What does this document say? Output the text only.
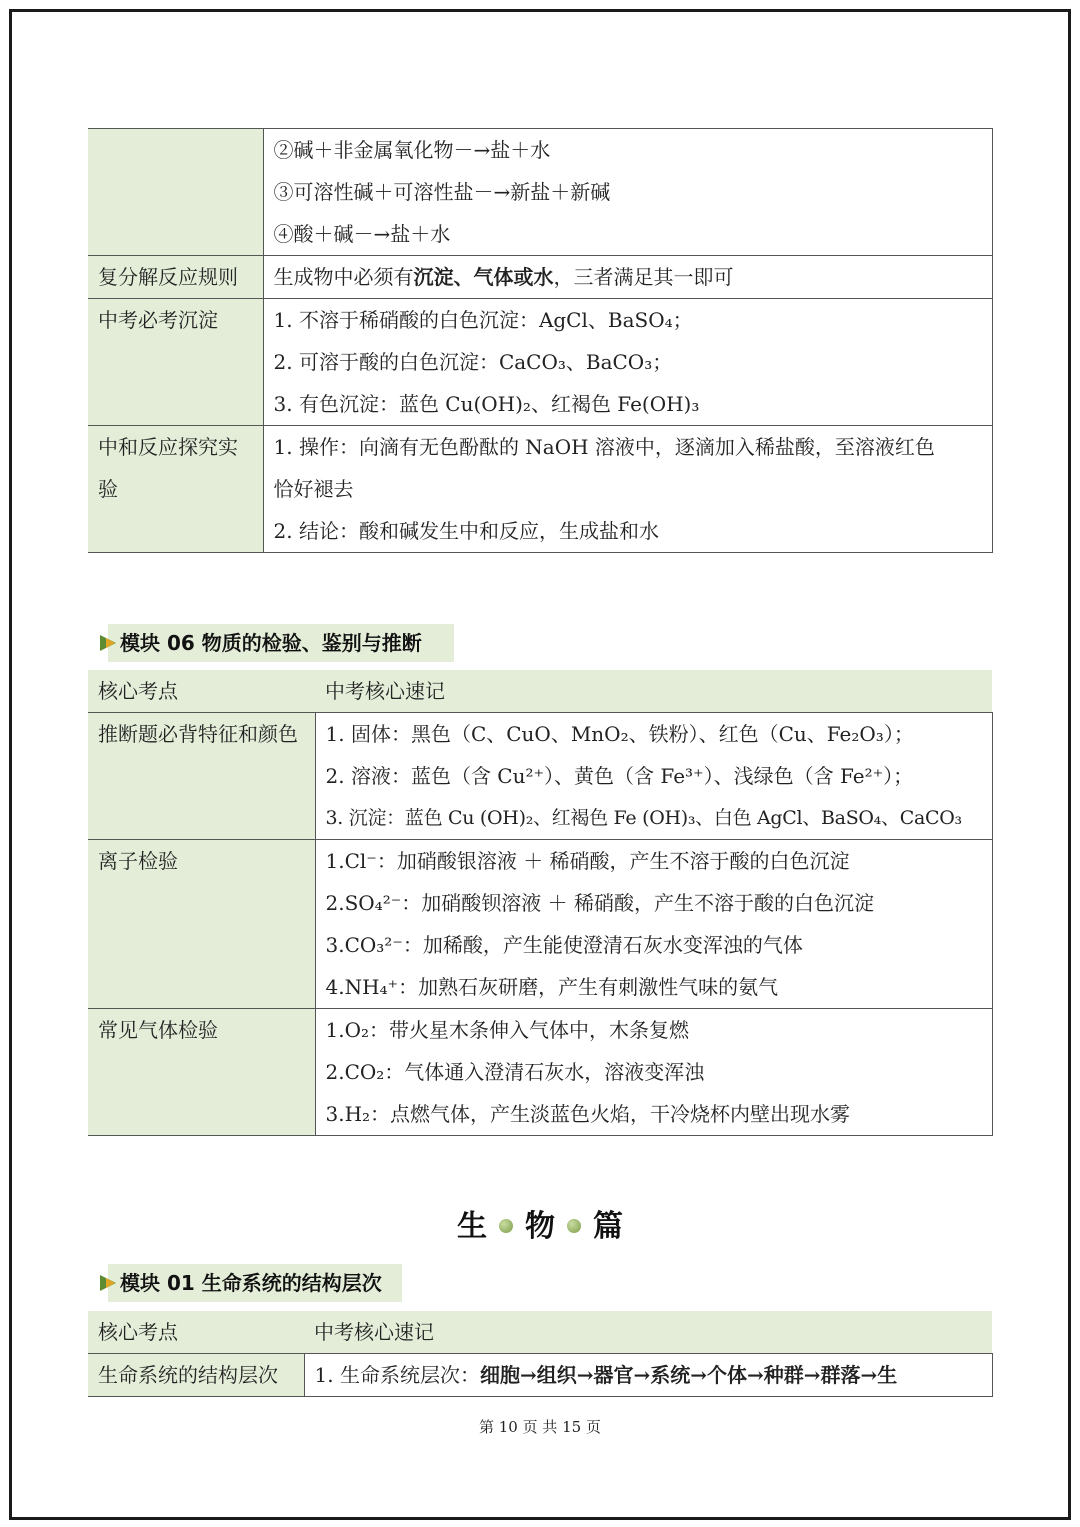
	②碱＋非金属氧化物－→盐＋水
③可溶性碱＋可溶性盐－→新盐＋新碱
④酸＋碱－→盐＋水

复分解反应规则	生成物中必须有沉淀、气体或水，三者满足其一即可

中考必考沉淀	1. 不溶于稀硝酸的白色沉淀：AgCl、BaSO₄；
2. 可溶于酸的白色沉淀：CaCO₃、BaCO₃；
3. 有色沉淀：蓝色 Cu(OH)₂、红褐色 Fe(OH)₃

中和反应探究实验	1. 操作：向滴有无色酚酞的 NaOH 溶液中，逐滴加入稀盐酸，至溶液红色
恰好褪去
2. 结论：酸和碱发生中和反应，生成盐和水
模块 06 物质的检验、鉴别与推断
核心考点	中考核心速记
推断题必背特征和颜色	1. 固体：黑色（C、CuO、MnO₂、铁粉）、红色（Cu、Fe₂O₃）；
2. 溶液：蓝色（含 Cu²⁺）、黄色（含 Fe³⁺）、浅绿色（含 Fe²⁺）；
3. 沉淀：蓝色 Cu (OH)₂、红褐色 Fe (OH)₃、白色 AgCl、BaSO₄、CaCO₃

离子检验	1.Cl⁻：加硝酸银溶液 ＋ 稀硝酸，产生不溶于酸的白色沉淀
2.SO₄²⁻：加硝酸钡溶液 ＋ 稀硝酸，产生不溶于酸的白色沉淀
3.CO₃²⁻：加稀酸，产生能使澄清石灰水变浑浊的气体
4.NH₄⁺：加熟石灰研磨，产生有刺激性气味的氨气

常见气体检验	1.O₂：带火星木条伸入气体中，木条复燃
2.CO₂：气体通入澄清石灰水，溶液变浑浊
3.H₂：点燃气体，产生淡蓝色火焰，干冷烧杯内壁出现水雾
生 物 篇
模块 01 生命系统的结构层次
核心考点	中考核心速记
生命系统的结构层次	1. 生命系统层次：细胞→组织→器官→系统→个体→种群→群落→生
第 10 页 共 15 页
